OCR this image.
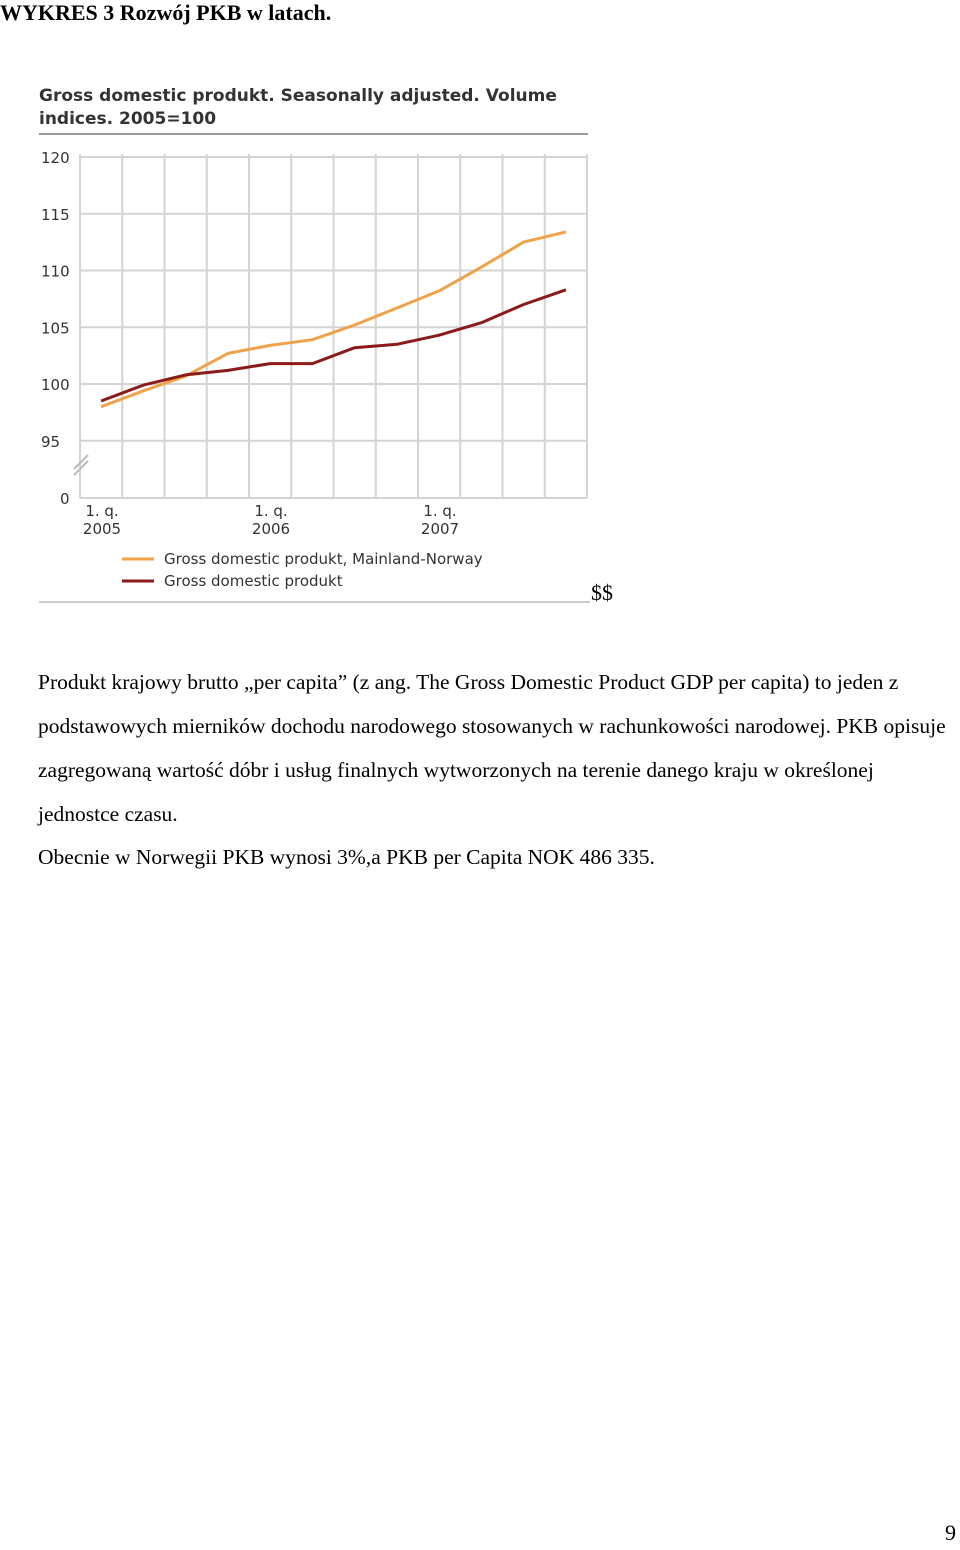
WYKRES 3 Rozwój PKB w latach.
Gross domestic produkt. Seasonally adjusted. Volume
indices. 2005=100
120
115
110
105
100
95
0
1. q.
2005
1. q.
2006
1. q.
2007
Gross domestic produkt, Mainland-Norway
Gross domestic produkt	$$
Produkt krajowy brutto „per capita” (z ang. The Gross Domestic Product GDP per capita) to jeden z podstawowych mierników dochodu narodowego stosowanych w rachunkowości narodowej. PKB opisuje zagregowaną wartość dóbr i usług finalnych wytworzonych na terenie danego kraju w określonej jednostce czasu.
Obecnie w Norwegii PKB wynosi 3%,a PKB per Capita NOK 486 335.
9
